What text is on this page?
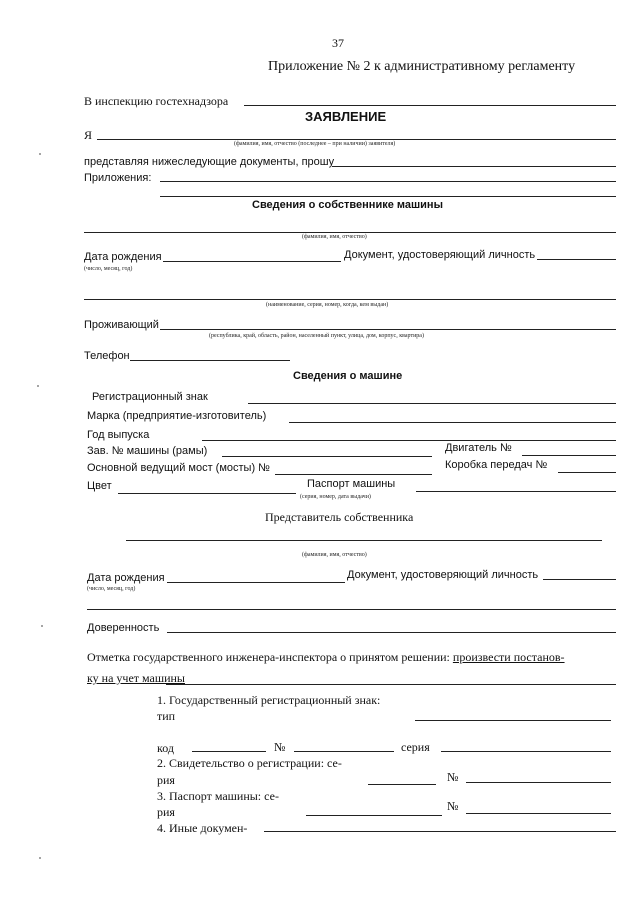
37
Приложение № 2 к административному регламенту
В инспекцию гостехнадзора
ЗАЯВЛЕНИЕ
Я
(фамилия, имя, отчество (последнее – при наличии) заявителя)
представляя нижеследующие документы, прошу
Приложения:
Сведения о собственнике машины
(фамилия, имя, отчество)
Дата рождения	Документ, удостоверяющий личность
(число, месяц, год)
(наименование, серия, номер, когда, кем выдан)
Проживающий
(республика, край, область, район, населенный пункт, улица, дом, корпус, квартира)
Телефон
Сведения о машине
Регистрационный знак
Марка (предприятие-изготовитель)
Год выпуска
Зав. № машины (рамы)	Двигатель №
Основной ведущий мост (мосты) №	Коробка передач №
Цвет	Паспорт машины
(серия, номер, дата выдачи)
Представитель собственника
(фамилия, имя, отчество)
Дата рождения	Документ, удостоверяющий личность
(число, месяц, год)
Доверенность
Отметка государственного инженера-инспектора о принятом решении: произвести постанов-
ку на учет машины
1. Государственный регистрационный знак:
тип
код	№	серия
2. Свидетельство о регистрации: се-
рия	№
3. Паспорт машины: се-
рия	№
4. Иные докумен-
